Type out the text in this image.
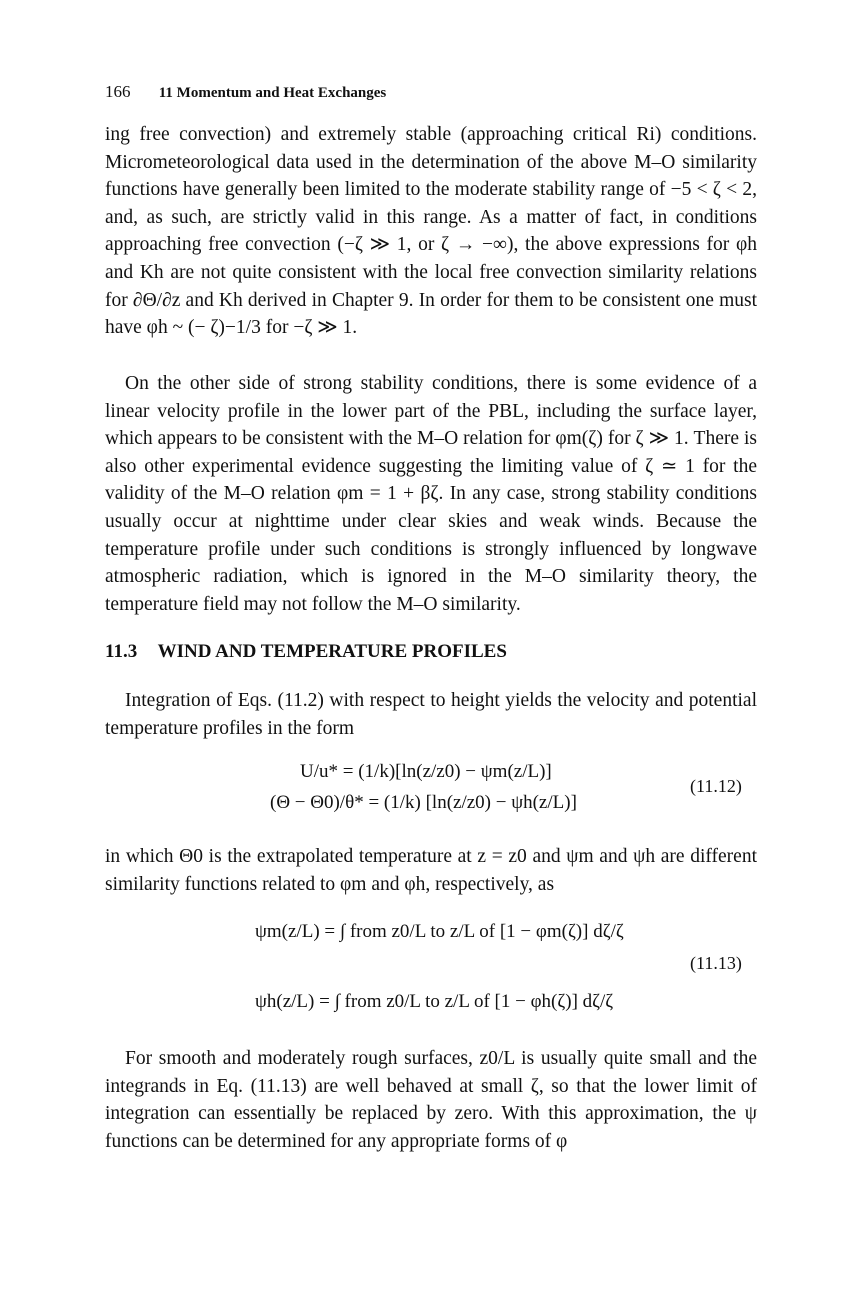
166 11 Momentum and Heat Exchanges

ing free convection) and extremely stable (approaching critical Ri) conditions. Micrometeorological data used in the determination of the above M–O similarity functions have generally been limited to the moderate stability range of −5 < ζ < 2, and, as such, are strictly valid in this range. As a matter of fact, in conditions approaching free convection (−ζ ≫ 1, or ζ → −∞), the above expressions for φh and Kh are not quite consistent with the local free convection similarity relations for ∂Θ/∂z and Kh derived in Chapter 9. In order for them to be consistent one must have φh ~ (− ζ)−1/3 for −ζ ≫ 1.

On the other side of strong stability conditions, there is some evidence of a linear velocity profile in the lower part of the PBL, including the surface layer, which appears to be consistent with the M–O relation for φm(ζ) for ζ ≫ 1. There is also other experimental evidence suggesting the limiting value of ζ ≃ 1 for the validity of the M–O relation φm = 1 + βζ. In any case, strong stability conditions usually occur at nighttime under clear skies and weak winds. Because the temperature profile under such conditions is strongly influenced by longwave atmospheric radiation, which is ignored in the M–O similarity theory, the temperature field may not follow the M–O similarity.

11.3 WIND AND TEMPERATURE PROFILES

Integration of Eqs. (11.2) with respect to height yields the velocity and potential temperature profiles in the form

U/u* = (1/k)[ln(z/z0) − ψm(z/L)]
(Θ − Θ0)/θ* = (1/k) [ln(z/z0) − ψh(z/L)]
(11.12)

in which Θ0 is the extrapolated temperature at z = z0 and ψm and ψh are different similarity functions related to φm and φh, respectively, as

ψm(z/L) = ∫ from z0/L to z/L of [1 − φm(ζ)] dζ/ζ
ψh(z/L) = ∫ from z0/L to z/L of [1 − φh(ζ)] dζ/ζ
(11.13)

For smooth and moderately rough surfaces, z0/L is usually quite small and the integrands in Eq. (11.13) are well behaved at small ζ, so that the lower limit of integration can essentially be replaced by zero. With this approximation, the ψ functions can be determined for any appropriate forms of φ
